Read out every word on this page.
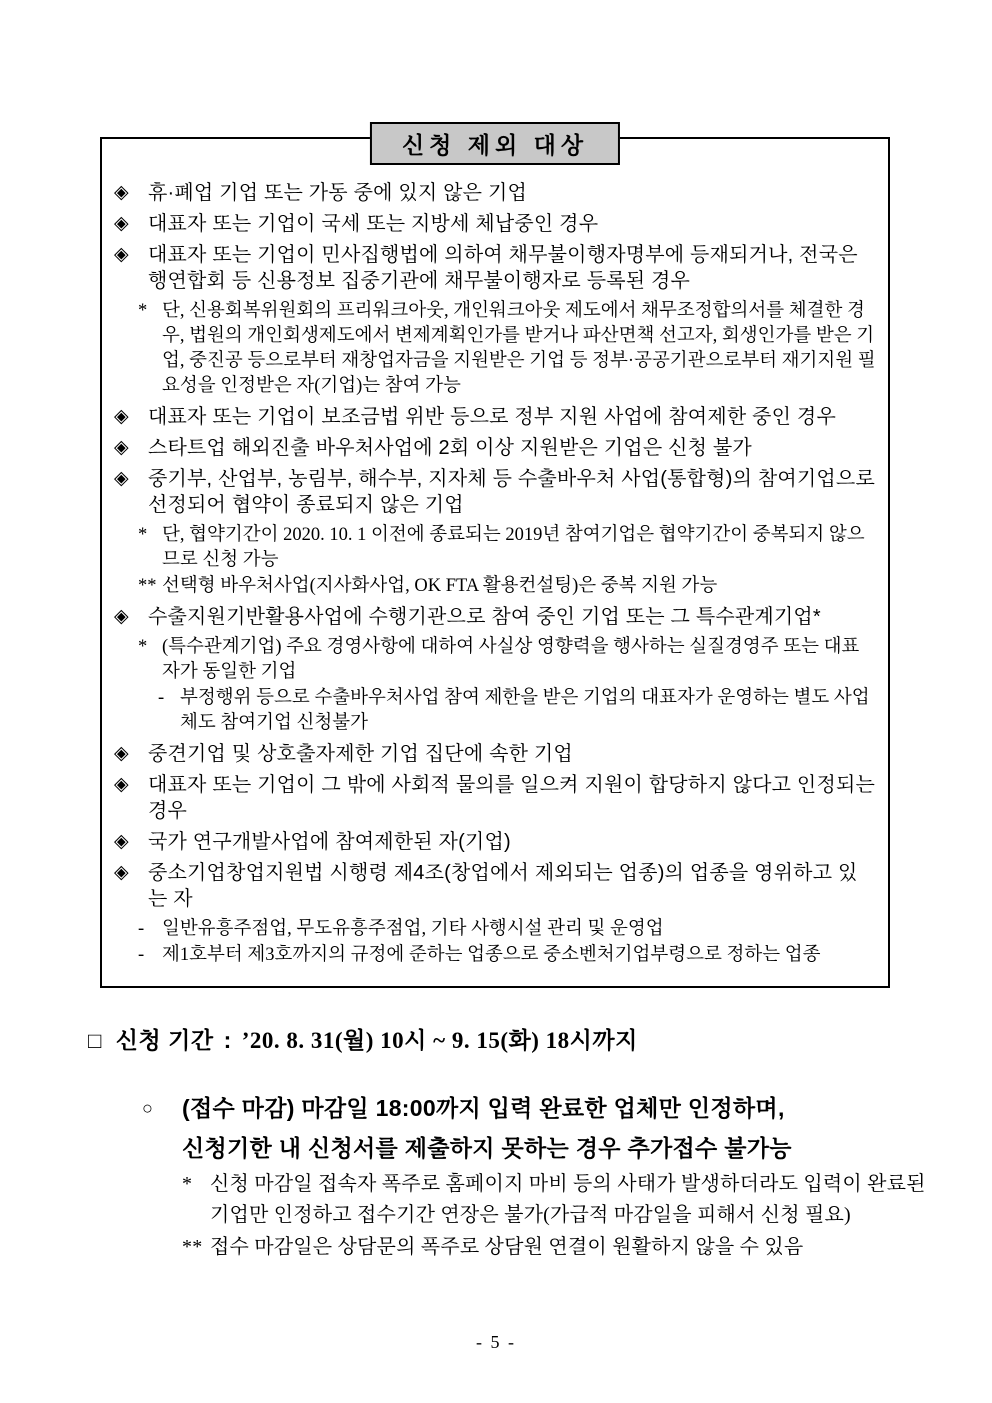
신청 제외 대상
◈ 휴·폐업 기업 또는 가동 중에 있지 않은 기업
◈ 대표자 또는 기업이 국세 또는 지방세 체납중인 경우
◈ 대표자 또는 기업이 민사집행법에 의하여 채무불이행자명부에 등재되거나, 전국은행연합회 등 신용정보 집중기관에 채무불이행자로 등록된 경우
* 단, 신용회복위원회의 프리워크아웃, 개인워크아웃 제도에서 채무조정합의서를 체결한 경우, 법원의 개인회생제도에서 변제계획인가를 받거나 파산면책 선고자, 회생인가를 받은 기업, 중진공 등으로부터 재창업자금을 지원받은 기업 등 정부·공공기관으로부터 재기지원 필요성을 인정받은 자(기업)는 참여 가능
◈ 대표자 또는 기업이 보조금법 위반 등으로 정부 지원 사업에 참여제한 중인 경우
◈ 스타트업 해외진출 바우처사업에 2회 이상 지원받은 기업은 신청 불가
◈ 중기부, 산업부, 농림부, 해수부, 지자체 등 수출바우처 사업(통합형)의 참여기업으로 선정되어 협약이 종료되지 않은 기업
* 단, 협약기간이 2020. 10. 1 이전에 종료되는 2019년 참여기업은 협약기간이 중복되지 않으므로 신청 가능
** 선택형 바우처사업(지사화사업, OK FTA 활용컨설팅)은 중복 지원 가능
◈ 수출지원기반활용사업에 수행기관으로 참여 중인 기업 또는 그 특수관계기업*
* (특수관계기업) 주요 경영사항에 대하여 사실상 영향력을 행사하는 실질경영주 또는 대표자가 동일한 기업
- 부정행위 등으로 수출바우처사업 참여 제한을 받은 기업의 대표자가 운영하는 별도 사업체도 참여기업 신청불가
◈ 중견기업 및 상호출자제한 기업 집단에 속한 기업
◈ 대표자 또는 기업이 그 밖에 사회적 물의를 일으켜 지원이 합당하지 않다고 인정되는 경우
◈ 국가 연구개발사업에 참여제한된 자(기업)
◈ 중소기업창업지원법 시행령 제4조(창업에서 제외되는 업종)의 업종을 영위하고 있는 자
- 일반유흥주점업, 무도유흥주점업, 기타 사행시설 관리 및 운영업
- 제1호부터 제3호까지의 규정에 준하는 업종으로 중소벤처기업부령으로 정하는 업종
□ 신청 기간 : ’20. 8. 31(월) 10시 ~ 9. 15(화) 18시까지
○	(접수 마감) 마감일 18:00까지 입력 완료한 업체만 인정하며,
신청기한 내 신청서를 제출하지 못하는 경우 추가접수 불가능
* 신청 마감일 접속자 폭주로 홈페이지 마비 등의 사태가 발생하더라도 입력이 완료된 기업만 인정하고 접수기간 연장은 불가(가급적 마감일을 피해서 신청 필요)
** 접수 마감일은 상담문의 폭주로 상담원 연결이 원활하지 않을 수 있음
- 5 -
